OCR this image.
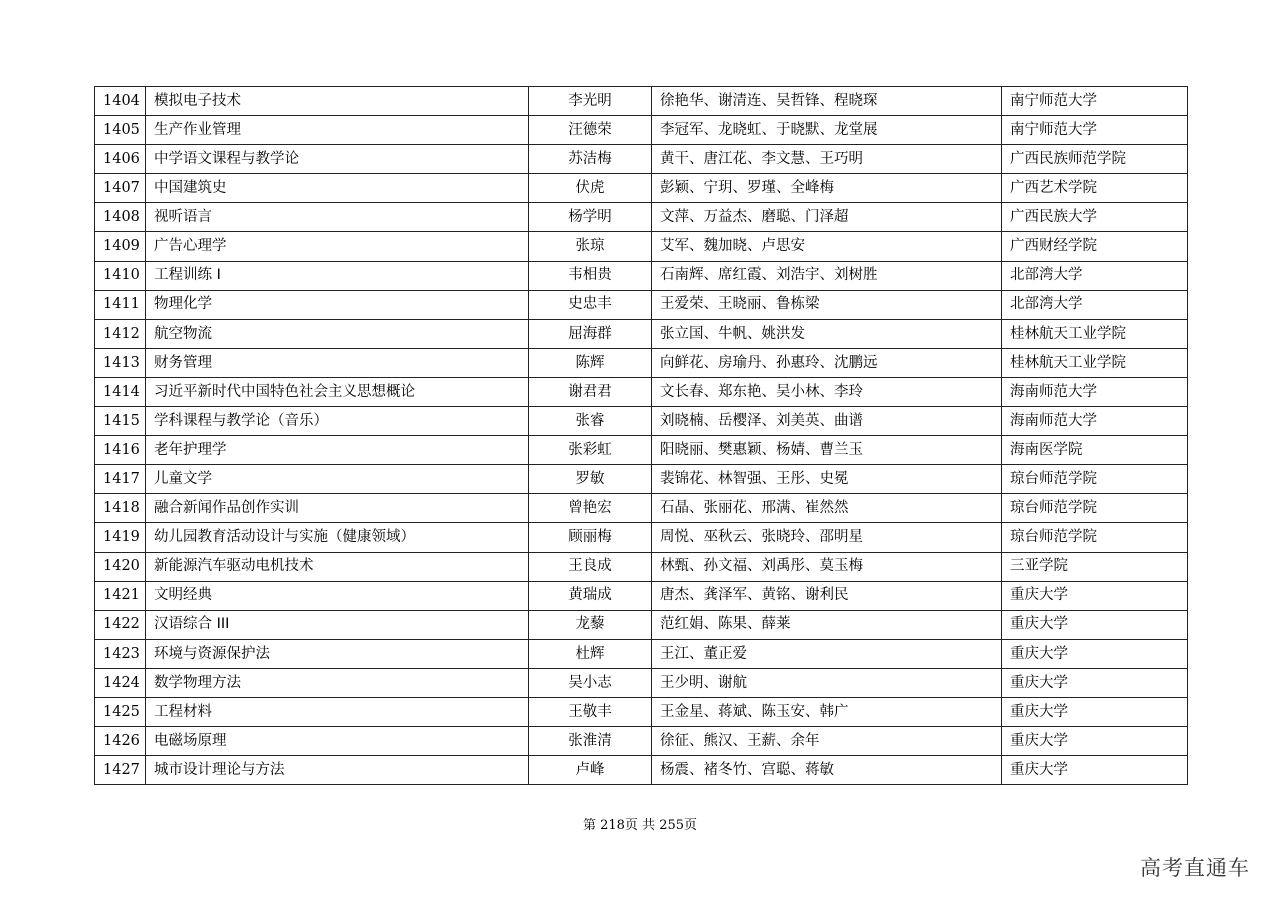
1404	模拟电子技术	李光明	徐艳华、谢清连、吴哲锋、程晓琛	南宁师范大学
1405	生产作业管理	汪德荣	李冠军、龙晓虹、于晓默、龙堂展	南宁师范大学
1406	中学语文课程与教学论	苏洁梅	黄干、唐江花、李文慧、王巧明	广西民族师范学院
1407	中国建筑史	伏虎	彭颖、宁玥、罗瑾、全峰梅	广西艺术学院
1408	视听语言	杨学明	文萍、万益杰、磨聪、门泽超	广西民族大学
1409	广告心理学	张琼	艾军、魏加晓、卢思安	广西财经学院
1410	工程训练 I	韦相贵	石南辉、席红霞、刘浩宇、刘树胜	北部湾大学
1411	物理化学	史忠丰	王爱荣、王晓丽、鲁栋梁	北部湾大学
1412	航空物流	屈海群	张立国、牛帆、姚洪发	桂林航天工业学院
1413	财务管理	陈辉	向鲜花、房瑜丹、孙惠玲、沈鹏远	桂林航天工业学院
1414	习近平新时代中国特色社会主义思想概论	谢君君	文长春、郑东艳、吴小林、李玲	海南师范大学
1415	学科课程与教学论（音乐）	张睿	刘晓楠、岳樱泽、刘美英、曲谱	海南师范大学
1416	老年护理学	张彩虹	阳晓丽、樊惠颖、杨婧、曹兰玉	海南医学院
1417	儿童文学	罗敏	裴锦花、林智强、王彤、史冕	琼台师范学院
1418	融合新闻作品创作实训	曾艳宏	石晶、张丽花、邢满、崔然然	琼台师范学院
1419	幼儿园教育活动设计与实施（健康领域）	顾丽梅	周悦、巫秋云、张晓玲、邵明星	琼台师范学院
1420	新能源汽车驱动电机技术	王良成	林甄、孙文福、刘禹彤、莫玉梅	三亚学院
1421	文明经典	黄瑞成	唐杰、龚泽军、黄铭、谢利民	重庆大学
1422	汉语综合 III	龙藜	范红娟、陈果、薛莱	重庆大学
1423	环境与资源保护法	杜辉	王江、董正爱	重庆大学
1424	数学物理方法	吴小志	王少明、谢航	重庆大学
1425	工程材料	王敬丰	王金星、蒋斌、陈玉安、韩广	重庆大学
1426	电磁场原理	张淮清	徐征、熊汉、王薪、余年	重庆大学
1427	城市设计理论与方法	卢峰	杨震、褚冬竹、宫聪、蒋敏	重庆大学
第 218页 共 255页
高考直通车
